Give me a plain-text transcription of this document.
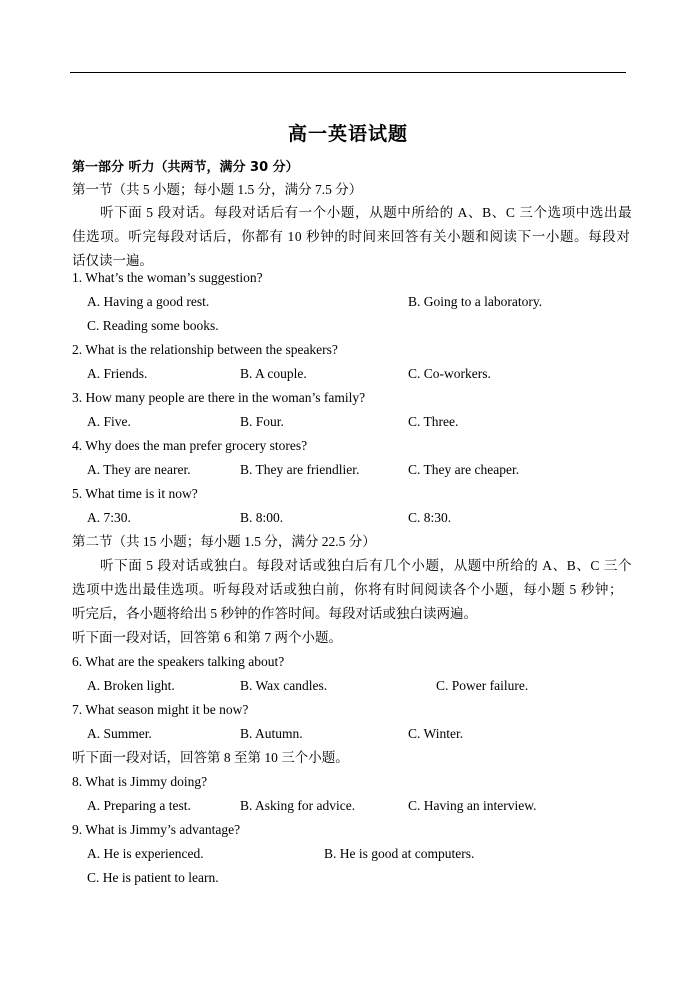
高一英语试题
第一部分 听力（共两节，满分 30 分）
第一节（共 5 小题；每小题 1.5 分，满分 7.5 分）
听下面 5 段对话。每段对话后有一个小题，从题中所给的 A、B、C 三个选项中选出最
佳选项。听完每段对话后，你都有 10 秒钟的时间来回答有关小题和阅读下一小题。每段对
话仅读一遍。
1. What’s the woman’s suggestion?
A. Having a good rest.	B. Going to a laboratory.
C. Reading some books.
2. What is the relationship between the speakers?
A. Friends.	B. A couple.	C. Co-workers.
3. How many people are there in the woman’s family?
A. Five.	B. Four.	C. Three.
4. Why does the man prefer grocery stores?
A. They are nearer.	B. They are friendlier.	C. They are cheaper.
5. What time is it now?
A. 7:30.	B. 8:00.	C. 8:30.
第二节（共 15 小题；每小题 1.5 分，满分 22.5 分）
听下面 5 段对话或独白。每段对话或独白后有几个小题，从题中所给的 A、B、C 三个
选项中选出最佳选项。听每段对话或独白前，你将有时间阅读各个小题，每小题 5 秒钟；
听完后，各小题将给出 5 秒钟的作答时间。每段对话或独白读两遍。
听下面一段对话，回答第 6 和第 7 两个小题。
6. What are the speakers talking about?
A. Broken light.	B. Wax candles.	C. Power failure.
7. What season might it be now?
A. Summer.	B. Autumn.	C. Winter.
听下面一段对话，回答第 8 至第 10 三个小题。
8. What is Jimmy doing?
A. Preparing a test.	B. Asking for advice.	C. Having an interview.
9. What is Jimmy’s advantage?
A. He is experienced.	B. He is good at computers.
C. He is patient to learn.
